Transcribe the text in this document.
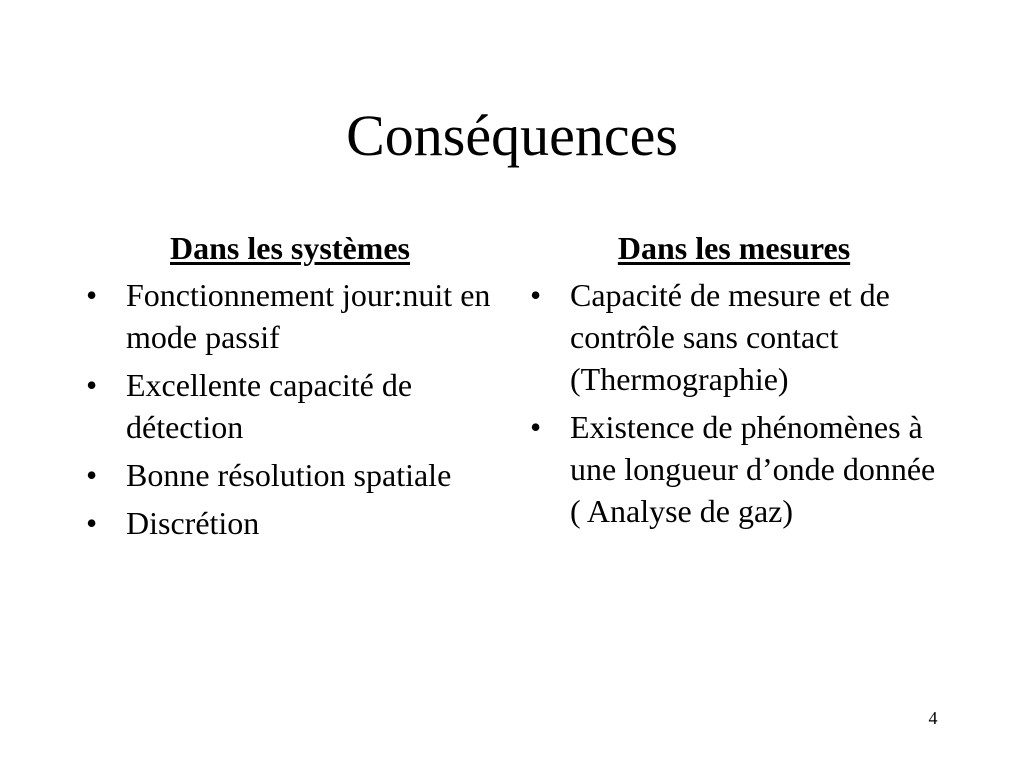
Conséquences
Dans les systèmes
• Fonctionnement jour:nuit en mode passif
• Excellente capacité de détection
• Bonne résolution spatiale
• Discrétion
Dans les mesures
• Capacité de mesure et de contrôle sans contact (Thermographie)
• Existence de phénomènes à une longueur d’onde donnée ( Analyse de gaz)
4
